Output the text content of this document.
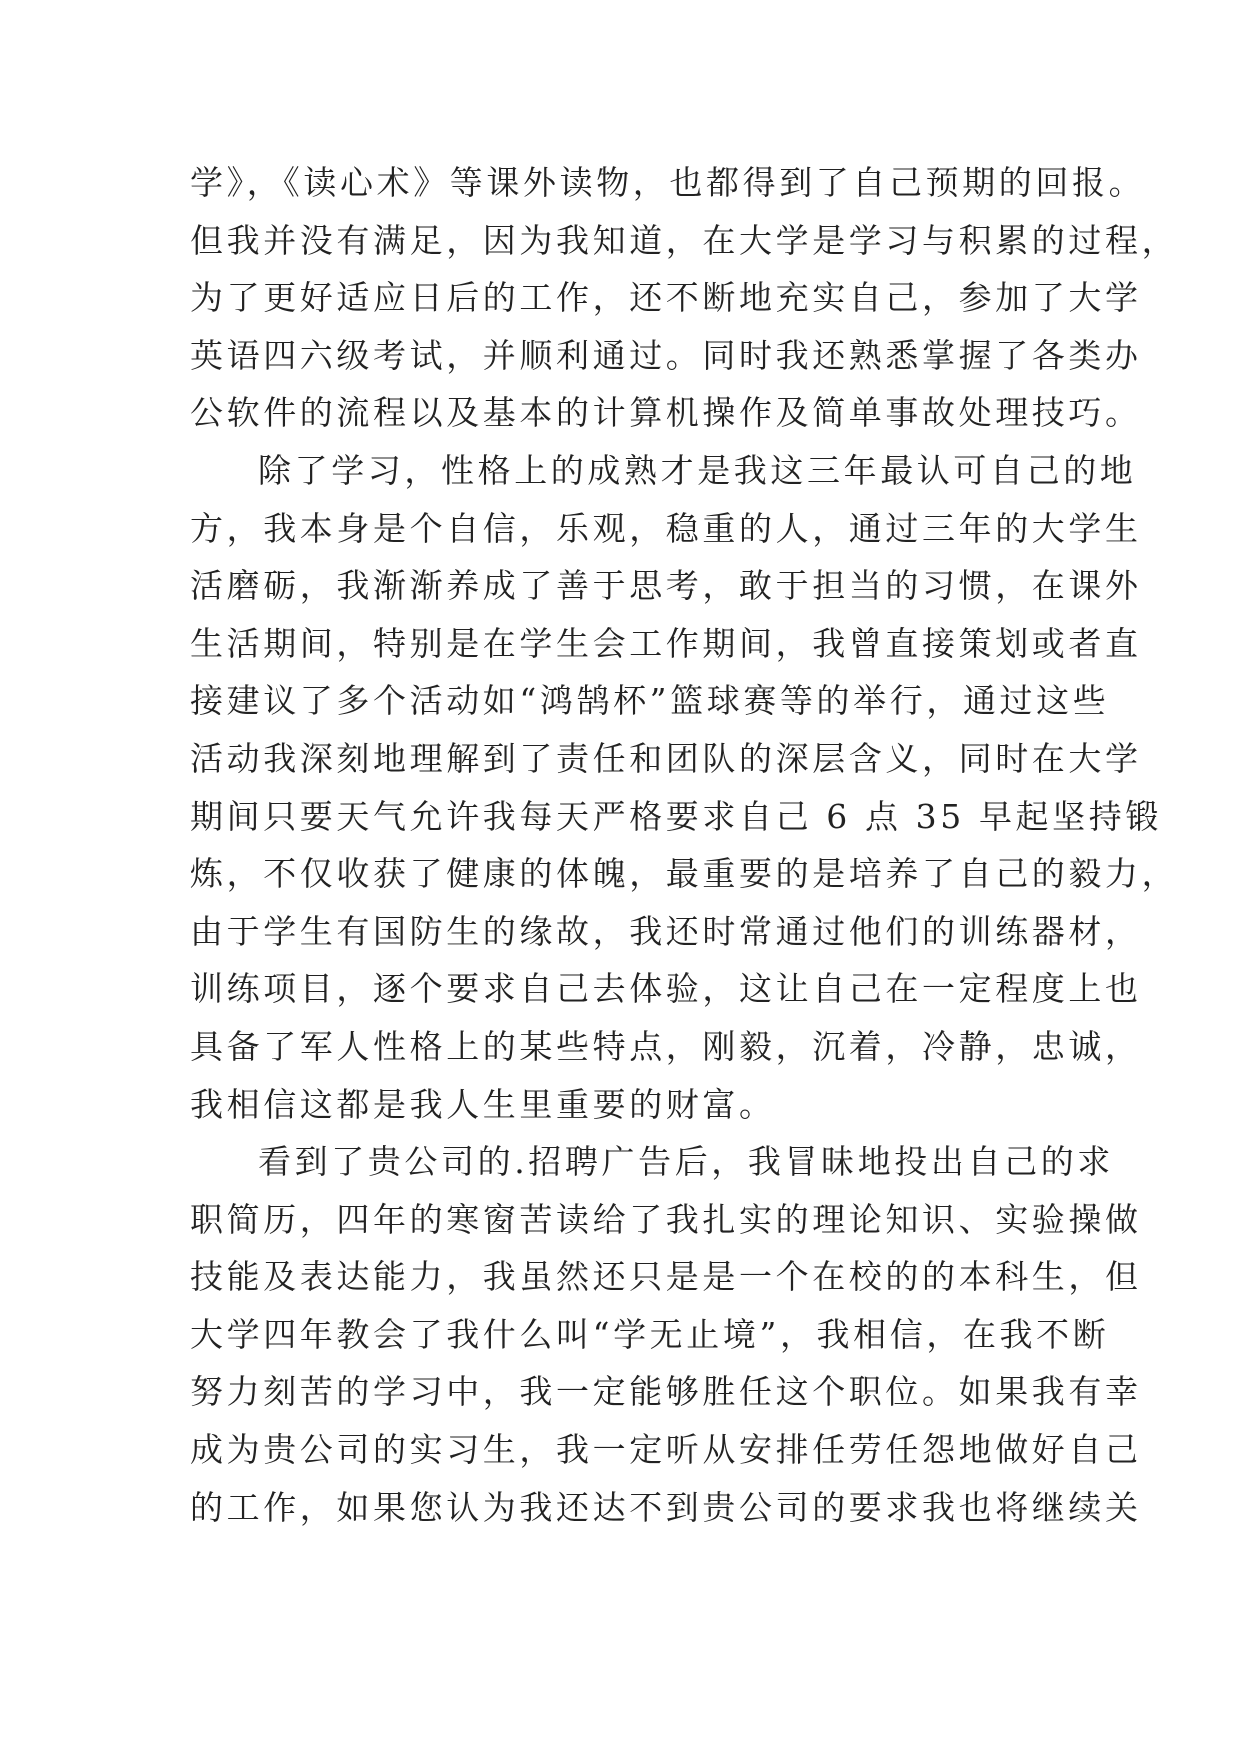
学》，《读心术》等课外读物，也都得到了自己预期的回报。
但我并没有满足，因为我知道，在大学是学习与积累的过程，
为了更好适应日后的工作，还不断地充实自己，参加了大学
英语四六级考试，并顺利通过。同时我还熟悉掌握了各类办
公软件的流程以及基本的计算机操作及简单事故处理技巧。
除了学习，性格上的成熟才是我这三年最认可自己的地
方，我本身是个自信，乐观，稳重的人，通过三年的大学生
活磨砺，我渐渐养成了善于思考，敢于担当的习惯，在课外
生活期间，特别是在学生会工作期间，我曾直接策划或者直
接建议了多个活动如“鸿鹄杯”篮球赛等的举行，通过这些
活动我深刻地理解到了责任和团队的深层含义，同时在大学
期间只要天气允许我每天严格要求自己 6 点 35 早起坚持锻
炼，不仅收获了健康的体魄，最重要的是培养了自己的毅力，
由于学生有国防生的缘故，我还时常通过他们的训练器材，
训练项目，逐个要求自己去体验，这让自己在一定程度上也
具备了军人性格上的某些特点，刚毅，沉着，冷静，忠诚，
我相信这都是我人生里重要的财富。
看到了贵公司的.招聘广告后，我冒昧地投出自己的求
职简历，四年的寒窗苦读给了我扎实的理论知识、实验操做
技能及表达能力，我虽然还只是是一个在校的的本科生，但
大学四年教会了我什么叫“学无止境”，我相信，在我不断
努力刻苦的学习中，我一定能够胜任这个职位。如果我有幸
成为贵公司的实习生，我一定听从安排任劳任怨地做好自己
的工作，如果您认为我还达不到贵公司的要求我也将继续关
